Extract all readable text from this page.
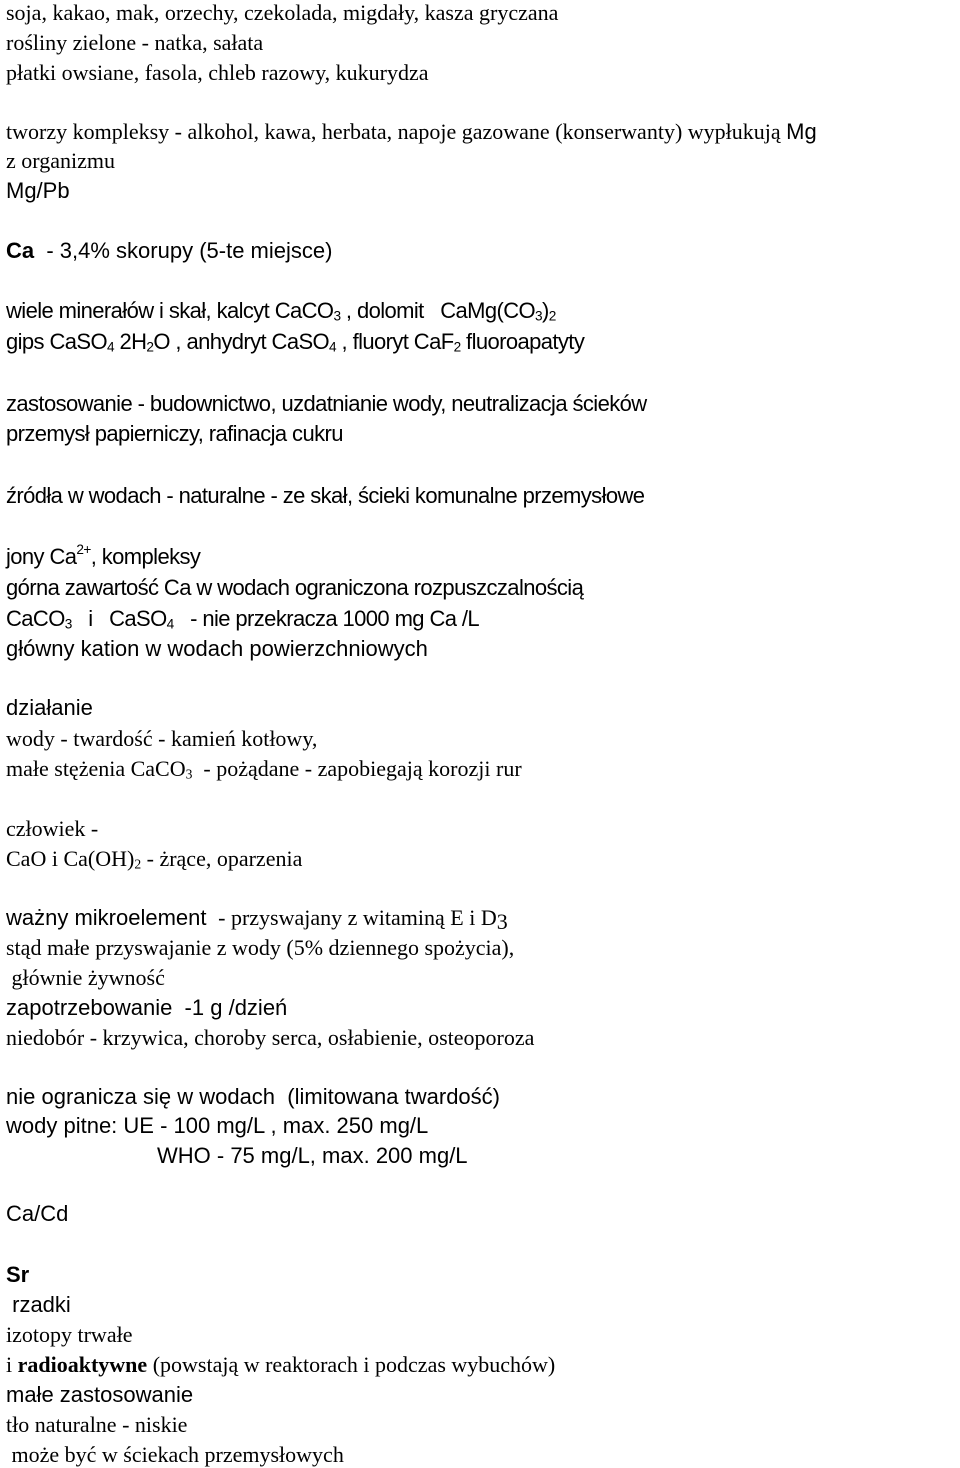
soja, kakao, mak, orzechy, czekolada, migdały, kasza gryczana
rośliny zielone - natka, sałata
płatki owsiane, fasola, chleb razowy, kukurydza
tworzy kompleksy - alkohol, kawa, herbata, napoje gazowane (konserwanty) wypłukują Mg
z organizmu
Mg/Pb
Ca  - 3,4% skorupy (5-te miejsce)
wiele minerałów i skał, kalcyt CaCO$_3$ , dolomit   $CaMg(CO_3)_2$
gips CaSO$_4$ $2H_2O$ , anhydryt CaSO$_4$ , fluoryt CaF$_2$ fluoroapatyty
zastosowanie - budownictwo, uzdatnianie wody, neutralizacja ścieków
przemysł papierniczy, rafinacja cukru
źródła w wodach - naturalne - ze skał, ścieki komunalne przemysłowe
jony $Ca^{2+}$, kompleksy
górna zawartość Ca w wodach ograniczona rozpuszczalnością
CaCO$_3$   i   CaSO$_4$   - nie przekracza 1000 mg Ca /L
główny kation w wodach powierzchniowych
działanie
wody - twardość - kamień kotłowy,
małe stężenia CaCO$_3$  - pożądane - zapobiegają korozji rur
człowiek -
CaO i $Ca(OH)_2$ - żrące, oparzenia
ważny mikroelement  - przyswajany z witaminą E i $D_3$
stąd małe przyswajanie z wody (5% dziennego spożycia),
głównie żywność
zapotrzebowanie  -1 g /dzień
niedobór - krzywica, choroby serca, osłabienie, osteoporoza
nie ogranicza się w wodach  (limitowana twardość)
wody pitne: UE - 100 mg/L , max. 250 mg/L
WHO - 75 mg/L, max. 200 mg/L
Ca/Cd
Sr
rzadki
izotopy trwałe
i radioaktywne (powstają w reaktorach i podczas wybuchów)
małe zastosowanie
tło naturalne - niskie
może być w ściekach przemysłowych
